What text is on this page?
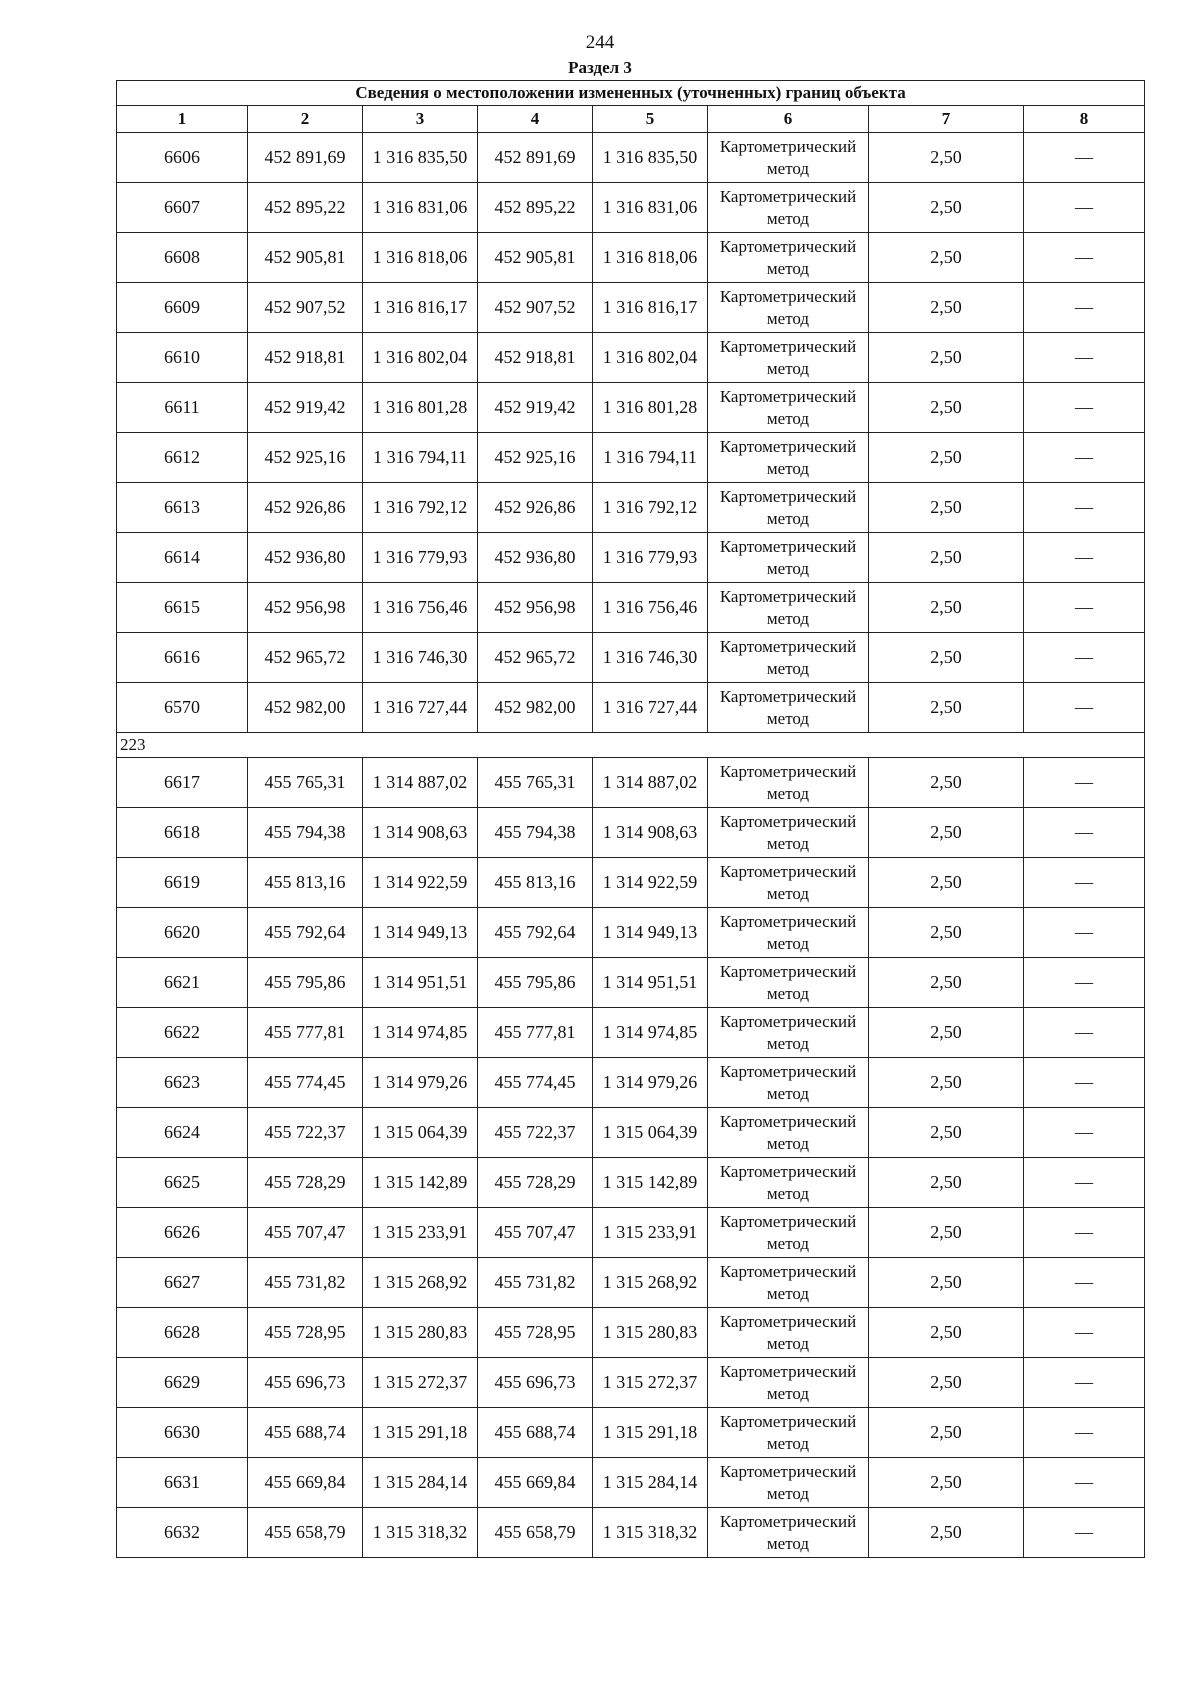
244
Раздел 3
Сведения о местоположении измененных (уточненных) границ объекта							
1	2	3	4	5	6	7	8
6606	452 891,69	1 316 835,50	452 891,69	1 316 835,50	Картометрический метод	2,50	—
6607	452 895,22	1 316 831,06	452 895,22	1 316 831,06	Картометрический метод	2,50	—
6608	452 905,81	1 316 818,06	452 905,81	1 316 818,06	Картометрический метод	2,50	—
6609	452 907,52	1 316 816,17	452 907,52	1 316 816,17	Картометрический метод	2,50	—
6610	452 918,81	1 316 802,04	452 918,81	1 316 802,04	Картометрический метод	2,50	—
6611	452 919,42	1 316 801,28	452 919,42	1 316 801,28	Картометрический метод	2,50	—
6612	452 925,16	1 316 794,11	452 925,16	1 316 794,11	Картометрический метод	2,50	—
6613	452 926,86	1 316 792,12	452 926,86	1 316 792,12	Картометрический метод	2,50	—
6614	452 936,80	1 316 779,93	452 936,80	1 316 779,93	Картометрический метод	2,50	—
6615	452 956,98	1 316 756,46	452 956,98	1 316 756,46	Картометрический метод	2,50	—
6616	452 965,72	1 316 746,30	452 965,72	1 316 746,30	Картометрический метод	2,50	—
6570	452 982,00	1 316 727,44	452 982,00	1 316 727,44	Картометрический метод	2,50	—
223							
6617	455 765,31	1 314 887,02	455 765,31	1 314 887,02	Картометрический метод	2,50	—
6618	455 794,38	1 314 908,63	455 794,38	1 314 908,63	Картометрический метод	2,50	—
6619	455 813,16	1 314 922,59	455 813,16	1 314 922,59	Картометрический метод	2,50	—
6620	455 792,64	1 314 949,13	455 792,64	1 314 949,13	Картометрический метод	2,50	—
6621	455 795,86	1 314 951,51	455 795,86	1 314 951,51	Картометрический метод	2,50	—
6622	455 777,81	1 314 974,85	455 777,81	1 314 974,85	Картометрический метод	2,50	—
6623	455 774,45	1 314 979,26	455 774,45	1 314 979,26	Картометрический метод	2,50	—
6624	455 722,37	1 315 064,39	455 722,37	1 315 064,39	Картометрический метод	2,50	—
6625	455 728,29	1 315 142,89	455 728,29	1 315 142,89	Картометрический метод	2,50	—
6626	455 707,47	1 315 233,91	455 707,47	1 315 233,91	Картометрический метод	2,50	—
6627	455 731,82	1 315 268,92	455 731,82	1 315 268,92	Картометрический метод	2,50	—
6628	455 728,95	1 315 280,83	455 728,95	1 315 280,83	Картометрический метод	2,50	—
6629	455 696,73	1 315 272,37	455 696,73	1 315 272,37	Картометрический метод	2,50	—
6630	455 688,74	1 315 291,18	455 688,74	1 315 291,18	Картометрический метод	2,50	—
6631	455 669,84	1 315 284,14	455 669,84	1 315 284,14	Картометрический метод	2,50	—
6632	455 658,79	1 315 318,32	455 658,79	1 315 318,32	Картометрический метод	2,50	—
